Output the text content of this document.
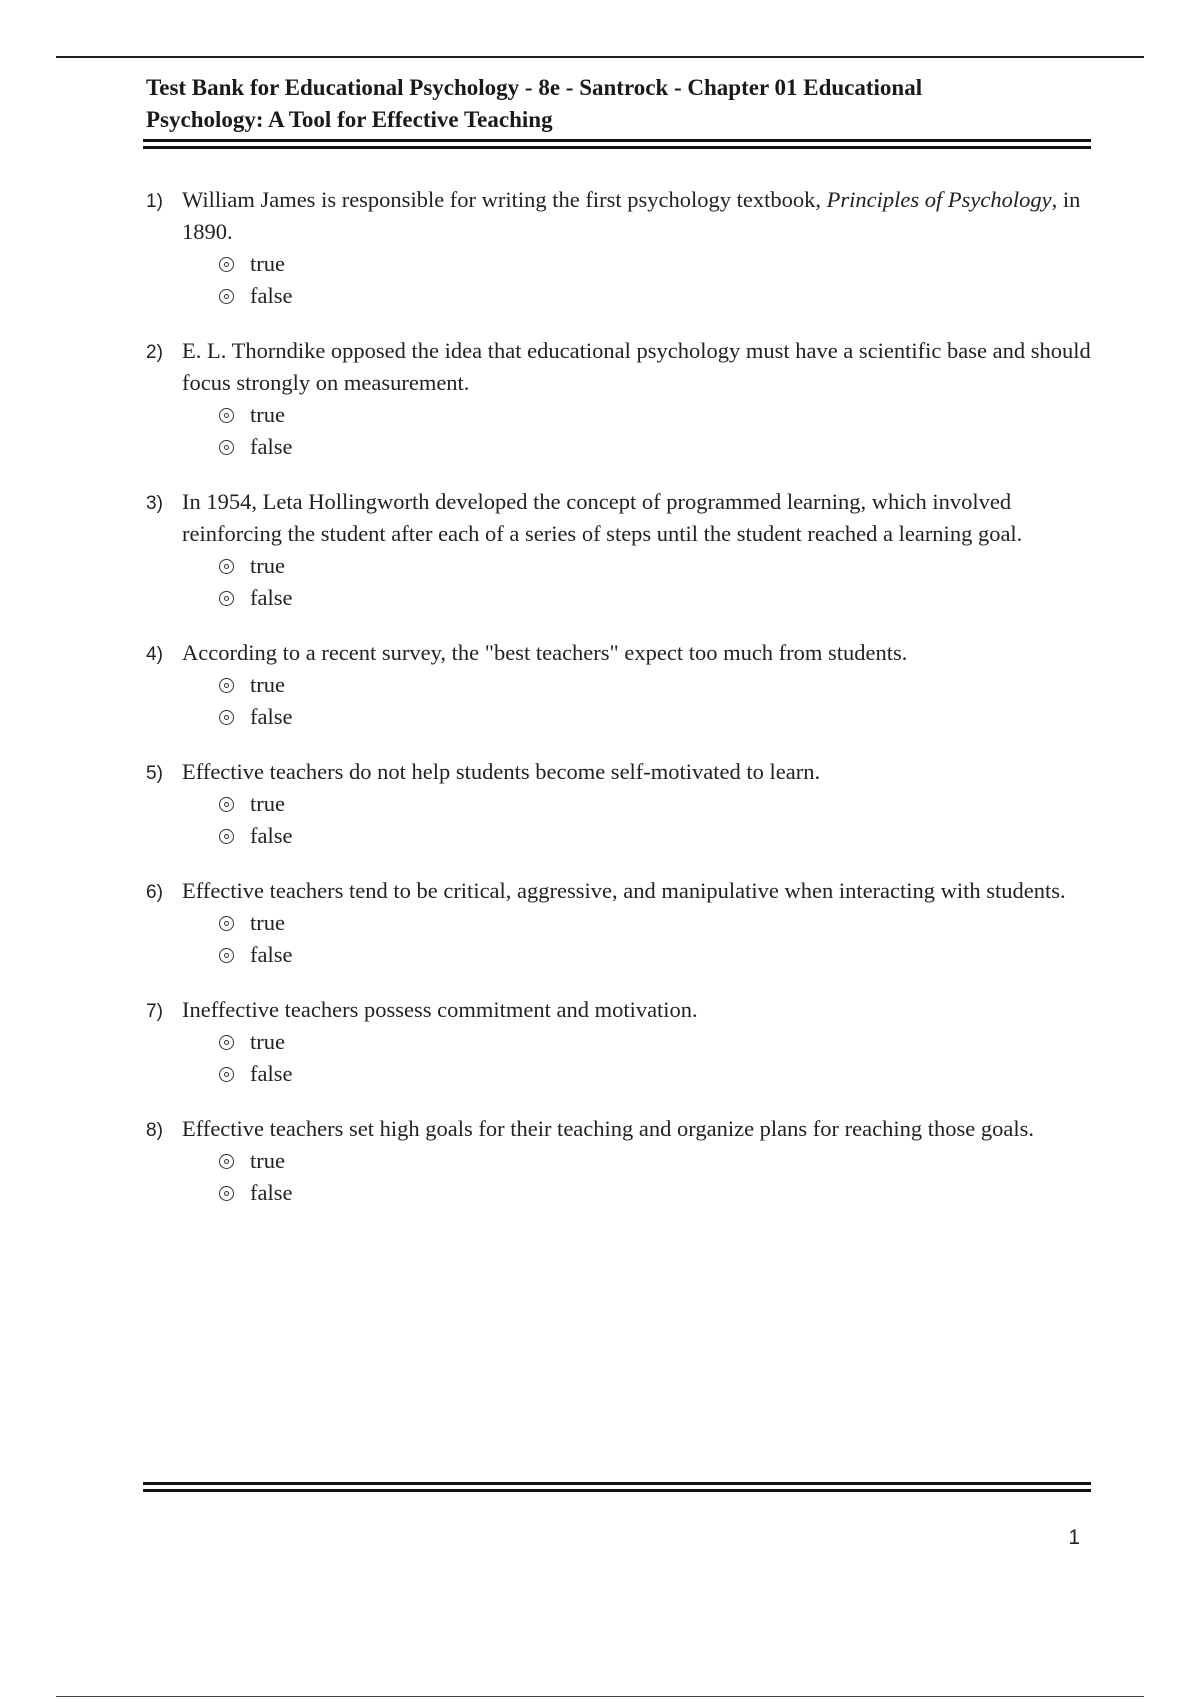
Test Bank for Educational Psychology - 8e - Santrock - Chapter 01 Educational
Psychology: A Tool for Effective Teaching
1) William James is responsible for writing the first psychology textbook, Principles of Psychology, in 1890.
true
false
2) E. L. Thorndike opposed the idea that educational psychology must have a scientific base and should focus strongly on measurement.
true
false
3) In 1954, Leta Hollingworth developed the concept of programmed learning, which involved reinforcing the student after each of a series of steps until the student reached a learning goal.
true
false
4) According to a recent survey, the "best teachers" expect too much from students.
true
false
5) Effective teachers do not help students become self-motivated to learn.
true
false
6) Effective teachers tend to be critical, aggressive, and manipulative when interacting with students.
true
false
7) Ineffective teachers possess commitment and motivation.
true
false
8) Effective teachers set high goals for their teaching and organize plans for reaching those goals.
true
false
1
